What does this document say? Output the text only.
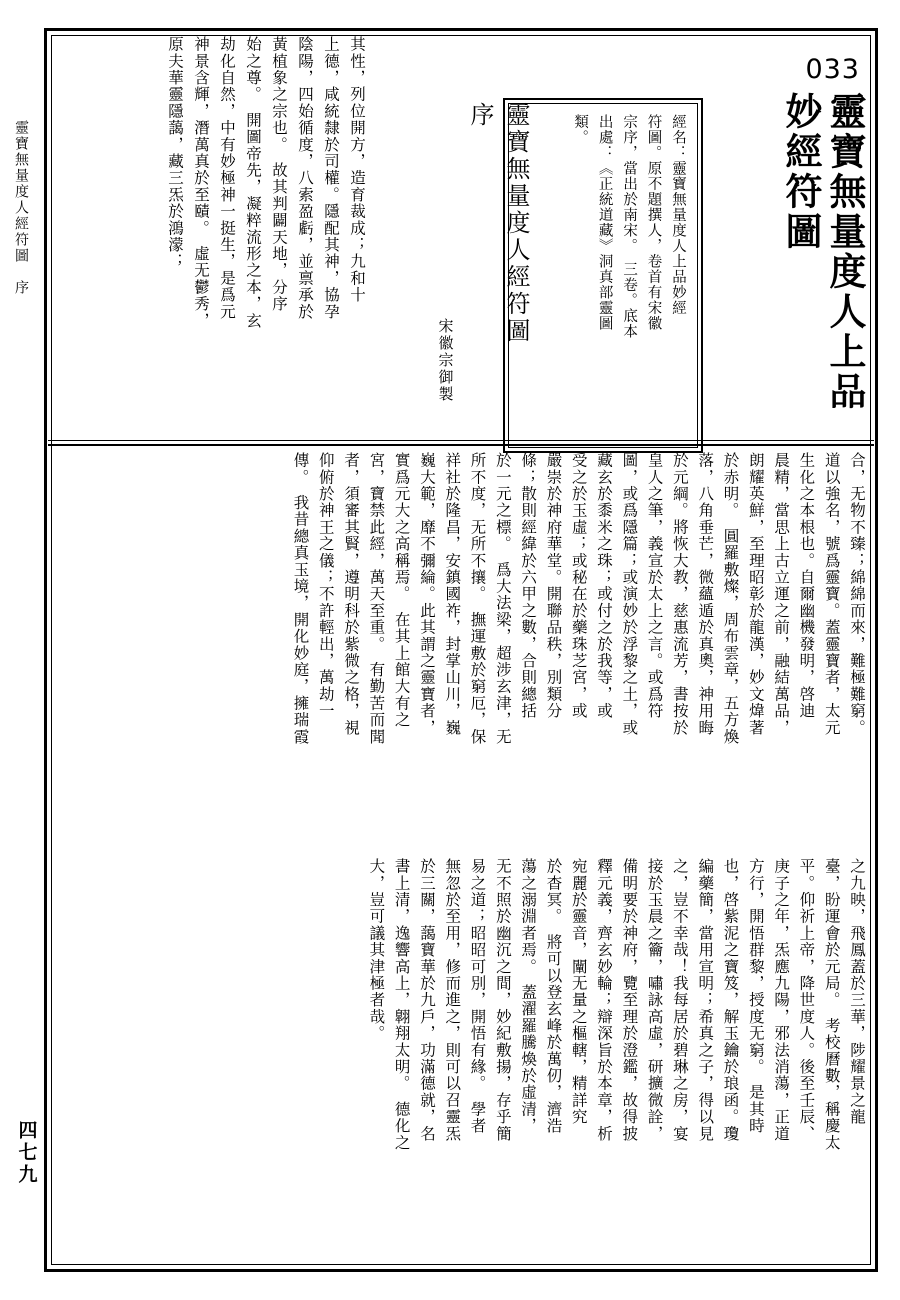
靈寶無量度人經符圖　序
四七九
033
靈寶無量度人上品
妙經符圖
經名：靈寶無量度人上品妙經
符圖。原不題撰人，卷首有宋徽
宗序，當出於南宋。　三卷。底本
出處：《正統道藏》洞真部靈圖
類。
靈寶無量度人經符圖序
宋徽宗御製
其性，列位開方，造育裁成；九和十
上德，咸統隸於司權。隱配其神，協孕
陰陽，四始循度，八索盈虧，並禀承於
黃植象之宗也。　故其判闢天地，分序
始之尊。　開圖帝先，凝粹流形之本，玄
劫化自然，中有妙極神一挺生，是爲元
神景含輝，潛萬真於至賾。　虛无鬱秀，
原夫華靈隱藹，藏三炁於鴻濛；
合，无物不臻；綿綿而來，難極難窮。
道以強名，號爲靈寶。蓋靈寶者，太元
生化之本根也。自爾幽機發明，啓迪
晨精，當思上古立運之前，融結萬品，
朗耀英鮮，至理昭彰於龍漢，妙文煒著
於赤明。　圓羅敷燦，周布雲章，五方煥
落，八角垂芒，微蘊遁於真奧，神用晦
於元綱。將恢大教，慈惠流芳，書按於
皇人之筆，義宣於太上之言。或爲符
圖，或爲隱篇；或演妙於浮黎之土，或
藏玄於黍米之珠；或付之於我等，或
受之於玉虛；或秘在於藥珠芝宮，或
嚴崇於神府華堂。開聯品秩，別類分
條；散則經緯於六甲之數，合則總括
於一元之標。　爲大法梁，超涉玄津，无
所不度，无所不攘。　撫運敷於窮厄，保
祥社於隆昌，安鎮國祚，封掌山川，巍
巍大範，靡不彌綸。此其謂之靈寶者，
實爲元大之高稱焉。　在其上館大有之
宮，寶禁此經，萬天至重。　有勤苦而聞
者，須審其賢，遵明科於紫微之格，視
仰俯於神王之儀；不許輕出，萬劫一
傳。　我昔總真玉境，開化妙庭，擁瑞霞
之九映，飛鳳蓋於三華，陟耀景之龍
臺，盼運會於元局。　考校曆數，稱慶太
平。仰祈上帝，降世度人。後至壬辰、
庚子之年，炁應九陽，邪法消蕩，正道
方行，開悟群黎，授度无窮。　是其時
也，啓紫泥之寶笈，解玉鑰於琅函。瓊
編藥簡，當用宣明；希真之子，得以見
之，豈不幸哉！我每居於碧琳之房，宴
接於玉晨之籥，嘯詠高虛，研擴微詮，
備明要於神府，覽至理於澄鑑，故得披
釋元義，齊玄妙輪；辯深旨於本章，析
宛麗於靈音，闡无量之樞轄，精詳究
於杳冥。　將可以登玄峰於萬仞，濟浩
蕩之溺淵者焉。　蓋濯羅騰煥於虛清，
无不照於幽沉之間，妙紀敷揚，存乎簡
易之道；昭昭可別，開悟有緣。　學者
無忽於至用，修而進之，則可以召靈炁
於三關，藹寶華於九戶，功滿德就，名
書上清，逸響高上，翺翔太明。　德化之
大，豈可議其津極者哉。
